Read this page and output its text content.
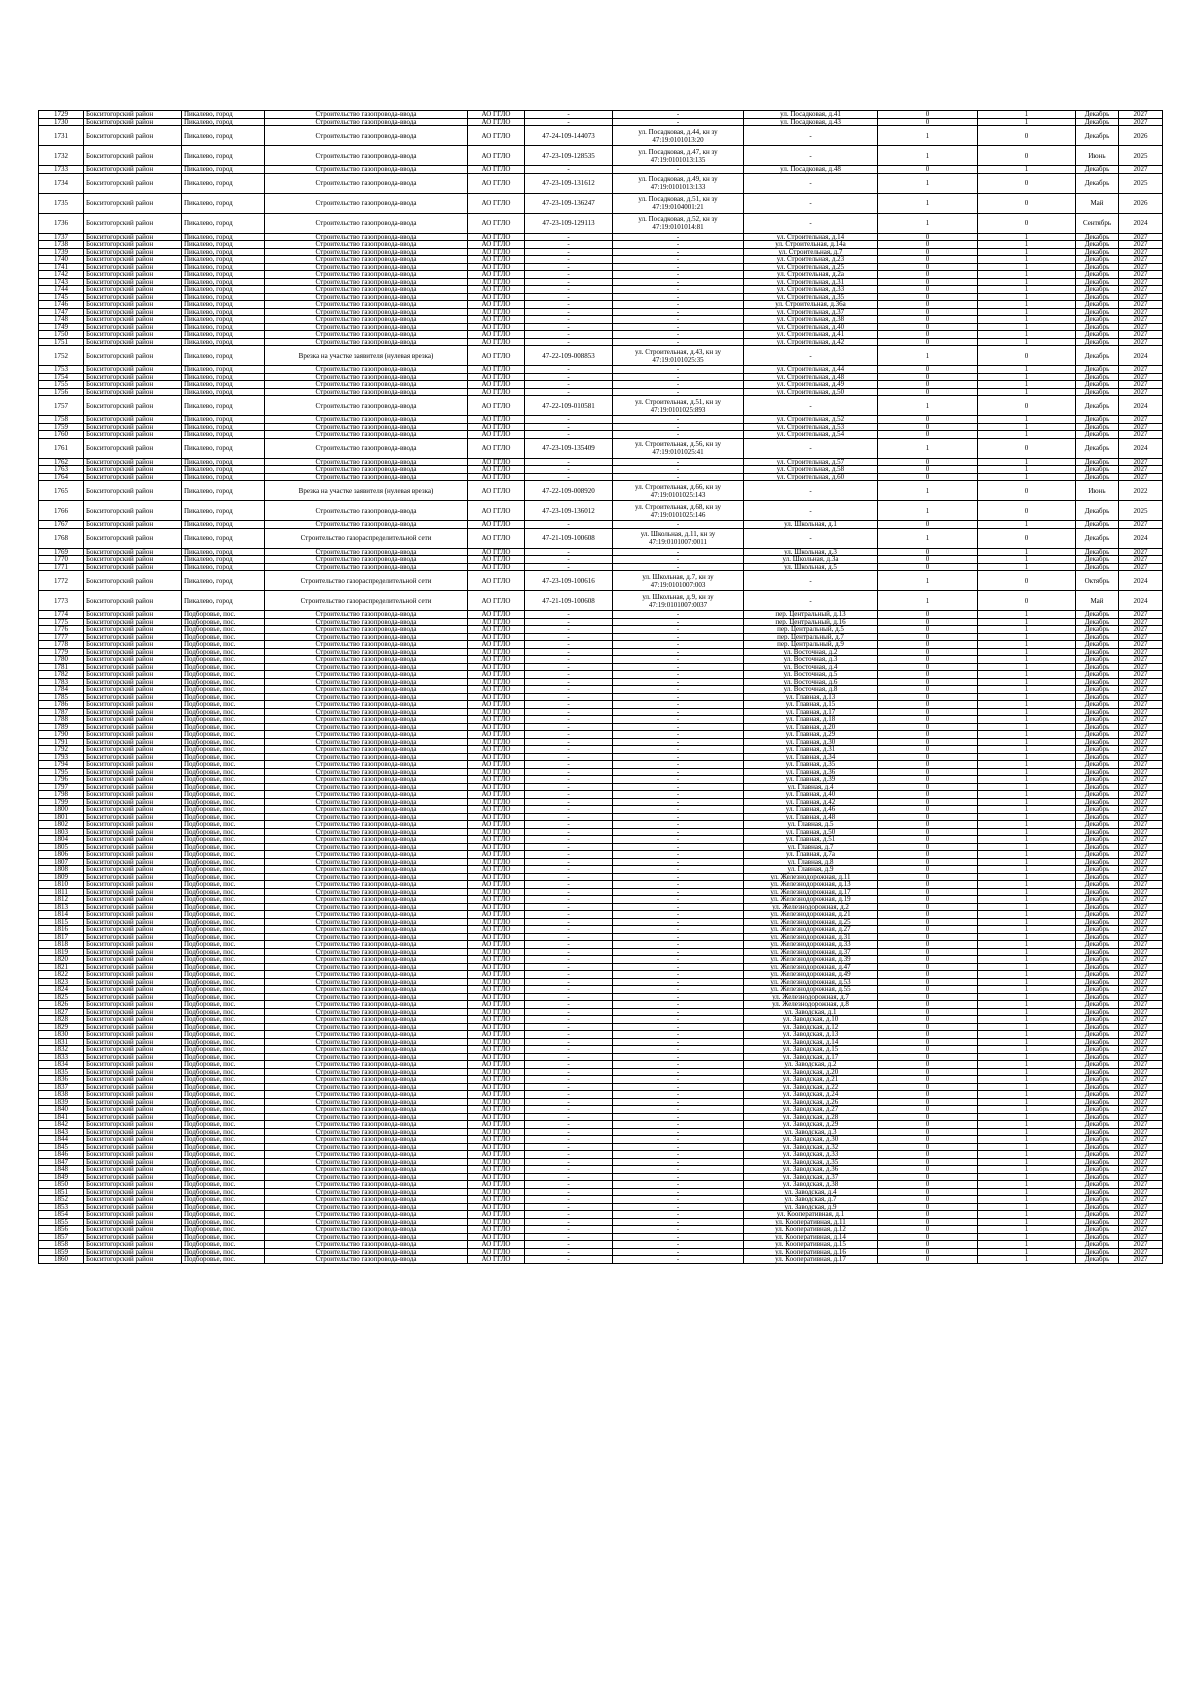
1729	Бокситогорский район	Пикалево, город	Строительство газопровода-ввода	АО ГГЛО	-	-	ул. Посадковая, д.41	0	1	Декабрь	2027
1730	Бокситогорский район	Пикалево, город	Строительство газопровода-ввода	АО ГГЛО	-	-	ул. Посадковая, д.43	0	1	Декабрь	2027
1731	Бокситогорский район	Пикалево, город	Строительство газопровода-ввода	АО ГГЛО	47-24-109-144073	ул. Посадковая, д.44, кн зу 47:19:0101013:20	-	1	0	Декабрь	2026
1732	Бокситогорский район	Пикалево, город	Строительство газопровода-ввода	АО ГГЛО	47-23-109-128535	ул. Посадковая, д.47, кн зу 47:19:0101013:135	-	1	0	Июнь	2025
1733	Бокситогорский район	Пикалево, город	Строительство газопровода-ввода	АО ГГЛО	-	-	ул. Посадковая, д.48	0	1	Декабрь	2027
1734	Бокситогорский район	Пикалево, город	Строительство газопровода-ввода	АО ГГЛО	47-23-109-131612	ул. Посадковая, д.49, кн зу 47:19:0101013:133	-	1	0	Декабрь	2025
1735	Бокситогорский район	Пикалево, город	Строительство газопровода-ввода	АО ГГЛО	47-23-109-136247	ул. Посадковая, д.51, кн зу 47:19:0104001:21	-	1	0	Май	2026
1736	Бокситогорский район	Пикалево, город	Строительство газопровода-ввода	АО ГГЛО	47-23-109-129113	ул. Посадковая, д.52, кн зу 47:19:0101014:81	-	1	0	Сентябрь	2024
1737	Бокситогорский район	Пикалево, город	Строительство газопровода-ввода	АО ГГЛО	-	-	ул. Строительная, д.14	0	1	Декабрь	2027
1738	Бокситогорский район	Пикалево, город	Строительство газопровода-ввода	АО ГГЛО	-	-	ул. Строительная, д.14а	0	1	Декабрь	2027
1739	Бокситогорский район	Пикалево, город	Строительство газопровода-ввода	АО ГГЛО	-	-	ул. Строительная, д.7	0	1	Декабрь	2027
1740	Бокситогорский район	Пикалево, город	Строительство газопровода-ввода	АО ГГЛО	-	-	ул. Строительная, д.23	0	1	Декабрь	2027
1741	Бокситогорский район	Пикалево, город	Строительство газопровода-ввода	АО ГГЛО	-	-	ул. Строительная, д.25	0	1	Декабрь	2027
1742	Бокситогорский район	Пикалево, город	Строительство газопровода-ввода	АО ГГЛО	-	-	ул. Строительная, д.2а	0	1	Декабрь	2027
1743	Бокситогорский район	Пикалево, город	Строительство газопровода-ввода	АО ГГЛО	-	-	ул. Строительная, д.31	0	1	Декабрь	2027
1744	Бокситогорский район	Пикалево, город	Строительство газопровода-ввода	АО ГГЛО	-	-	ул. Строительная, д.33	0	1	Декабрь	2027
1745	Бокситогорский район	Пикалево, город	Строительство газопровода-ввода	АО ГГЛО	-	-	ул. Строительная, д.35	0	1	Декабрь	2027
1746	Бокситогорский район	Пикалево, город	Строительство газопровода-ввода	АО ГГЛО	-	-	ул. Строительная, д.36а	0	1	Декабрь	2027
1747	Бокситогорский район	Пикалево, город	Строительство газопровода-ввода	АО ГГЛО	-	-	ул. Строительная, д.37	0	1	Декабрь	2027
1748	Бокситогорский район	Пикалево, город	Строительство газопровода-ввода	АО ГГЛО	-	-	ул. Строительная, д.38	0	1	Декабрь	2027
1749	Бокситогорский район	Пикалево, город	Строительство газопровода-ввода	АО ГГЛО	-	-	ул. Строительная, д.40	0	1	Декабрь	2027
1750	Бокситогорский район	Пикалево, город	Строительство газопровода-ввода	АО ГГЛО	-	-	ул. Строительная, д.41	0	1	Декабрь	2027
1751	Бокситогорский район	Пикалево, город	Строительство газопровода-ввода	АО ГГЛО	-	-	ул. Строительная, д.42	0	1	Декабрь	2027
1752	Бокситогорский район	Пикалево, город	Врезка на участке заявителя (нулевая врезка)	АО ГГЛО	47-22-109-008853	ул. Строительная, д.43, кн зу 47:19:0101025:35	-	1	0	Декабрь	2024
1753	Бокситогорский район	Пикалево, город	Строительство газопровода-ввода	АО ГГЛО	-	-	ул. Строительная, д.44	0	1	Декабрь	2027
1754	Бокситогорский район	Пикалево, город	Строительство газопровода-ввода	АО ГГЛО	-	-	ул. Строительная, д.48	0	1	Декабрь	2027
1755	Бокситогорский район	Пикалево, город	Строительство газопровода-ввода	АО ГГЛО	-	-	ул. Строительная, д.49	0	1	Декабрь	2027
1756	Бокситогорский район	Пикалево, город	Строительство газопровода-ввода	АО ГГЛО	-	-	ул. Строительная, д.50	0	1	Декабрь	2027
1757	Бокситогорский район	Пикалево, город	Строительство газопровода-ввода	АО ГГЛО	47-22-109-010581	ул. Строительная, д.51, кн зу 47:19:0101025:893	-	1	0	Декабрь	2024
1758	Бокситогорский район	Пикалево, город	Строительство газопровода-ввода	АО ГГЛО	-	-	ул. Строительная, д.52	0	1	Декабрь	2027
1759	Бокситогорский район	Пикалево, город	Строительство газопровода-ввода	АО ГГЛО	-	-	ул. Строительная, д.53	0	1	Декабрь	2027
1760	Бокситогорский район	Пикалево, город	Строительство газопровода-ввода	АО ГГЛО	-	-	ул. Строительная, д.54	0	1	Декабрь	2027
1761	Бокситогорский район	Пикалево, город	Строительство газопровода-ввода	АО ГГЛО	47-23-109-135409	ул. Строительная, д.56, кн зу 47:19:0101025:41	-	1	0	Декабрь	2024
1762	Бокситогорский район	Пикалево, город	Строительство газопровода-ввода	АО ГГЛО	-	-	ул. Строительная, д.57	0	1	Декабрь	2027
1763	Бокситогорский район	Пикалево, город	Строительство газопровода-ввода	АО ГГЛО	-	-	ул. Строительная, д.58	0	1	Декабрь	2027
1764	Бокситогорский район	Пикалево, город	Строительство газопровода-ввода	АО ГГЛО	-	-	ул. Строительная, д.60	0	1	Декабрь	2027
1765	Бокситогорский район	Пикалево, город	Врезка на участке заявителя (нулевая врезка)	АО ГГЛО	47-22-109-008920	ул. Строительная, д.66, кн зу 47:19:0101025:143	-	1	0	Июнь	2022
1766	Бокситогорский район	Пикалево, город	Строительство газопровода-ввода	АО ГГЛО	47-23-109-136012	ул. Строительная, д.68, кн зу 47:19:0101025:146	-	1	0	Декабрь	2025
1767	Бокситогорский район	Пикалево, город	Строительство газопровода-ввода	АО ГГЛО	-	-	ул. Школьная, д.1	0	1	Декабрь	2027
1768	Бокситогорский район	Пикалево, город	Строительство газораспределительной сети	АО ГГЛО	47-21-109-100608	ул. Школьная, д.11, кн зу 47:19:0101007:0011	-	1	0	Декабрь	2024
1769	Бокситогорский район	Пикалево, город	Строительство газопровода-ввода	АО ГГЛО	-	-	ул. Школьная, д.3	0	1	Декабрь	2027
1770	Бокситогорский район	Пикалево, город	Строительство газопровода-ввода	АО ГГЛО	-	-	ул. Школьная, д.3а	0	1	Декабрь	2027
1771	Бокситогорский район	Пикалево, город	Строительство газопровода-ввода	АО ГГЛО	-	-	ул. Школьная, д.5	0	1	Декабрь	2027
1772	Бокситогорский район	Пикалево, город	Строительство газораспределительной сети	АО ГГЛО	47-23-109-100616	ул. Школьная, д.7, кн зу 47:19:0101007:003	-	1	0	Октябрь	2024
1773	Бокситогорский район	Пикалево, город	Строительство газораспределительной сети	АО ГГЛО	47-21-109-100608	ул. Школьная, д.9, кн зу 47:19:0101007:0037	-	1	0	Май	2024
1774	Бокситогорский район	Подборовье, пос.	Строительство газопровода-ввода	АО ГГЛО	-	-	пер. Центральный, д.13	0	1	Декабрь	2027
1775	Бокситогорский район	Подборовье, пос.	Строительство газопровода-ввода	АО ГГЛО	-	-	пер. Центральный, д.16	0	1	Декабрь	2027
1776	Бокситогорский район	Подборовье, пос.	Строительство газопровода-ввода	АО ГГЛО	-	-	пер. Центральный, д.5	0	1	Декабрь	2027
1777	Бокситогорский район	Подборовье, пос.	Строительство газопровода-ввода	АО ГГЛО	-	-	пер. Центральный, д.7	0	1	Декабрь	2027
1778	Бокситогорский район	Подборовье, пос.	Строительство газопровода-ввода	АО ГГЛО	-	-	пер. Центральный, д.9	0	1	Декабрь	2027
1779	Бокситогорский район	Подборовье, пос.	Строительство газопровода-ввода	АО ГГЛО	-	-	ул. Восточная, д.2	0	1	Декабрь	2027
1780	Бокситогорский район	Подборовье, пос.	Строительство газопровода-ввода	АО ГГЛО	-	-	ул. Восточная, д.3	0	1	Декабрь	2027
1781	Бокситогорский район	Подборовье, пос.	Строительство газопровода-ввода	АО ГГЛО	-	-	ул. Восточная, д.4	0	1	Декабрь	2027
1782	Бокситогорский район	Подборовье, пос.	Строительство газопровода-ввода	АО ГГЛО	-	-	ул. Восточная, д.5	0	1	Декабрь	2027
1783	Бокситогорский район	Подборовье, пос.	Строительство газопровода-ввода	АО ГГЛО	-	-	ул. Восточная, д.6	0	1	Декабрь	2027
1784	Бокситогорский район	Подборовье, пос.	Строительство газопровода-ввода	АО ГГЛО	-	-	ул. Восточная, д.8	0	1	Декабрь	2027
1785	Бокситогорский район	Подборовье, пос.	Строительство газопровода-ввода	АО ГГЛО	-	-	ул. Главная, д.13	0	1	Декабрь	2027
1786	Бокситогорский район	Подборовье, пос.	Строительство газопровода-ввода	АО ГГЛО	-	-	ул. Главная, д.15	0	1	Декабрь	2027
1787	Бокситогорский район	Подборовье, пос.	Строительство газопровода-ввода	АО ГГЛО	-	-	ул. Главная, д.17	0	1	Декабрь	2027
1788	Бокситогорский район	Подборовье, пос.	Строительство газопровода-ввода	АО ГГЛО	-	-	ул. Главная, д.18	0	1	Декабрь	2027
1789	Бокситогорский район	Подборовье, пос.	Строительство газопровода-ввода	АО ГГЛО	-	-	ул. Главная, д.20	0	1	Декабрь	2027
1790	Бокситогорский район	Подборовье, пос.	Строительство газопровода-ввода	АО ГГЛО	-	-	ул. Главная, д.29	0	1	Декабрь	2027
1791	Бокситогорский район	Подборовье, пос.	Строительство газопровода-ввода	АО ГГЛО	-	-	ул. Главная, д.30	0	1	Декабрь	2027
1792	Бокситогорский район	Подборовье, пос.	Строительство газопровода-ввода	АО ГГЛО	-	-	ул. Главная, д.31	0	1	Декабрь	2027
1793	Бокситогорский район	Подборовье, пос.	Строительство газопровода-ввода	АО ГГЛО	-	-	ул. Главная, д.34	0	1	Декабрь	2027
1794	Бокситогорский район	Подборовье, пос.	Строительство газопровода-ввода	АО ГГЛО	-	-	ул. Главная, д.35	0	1	Декабрь	2027
1795	Бокситогорский район	Подборовье, пос.	Строительство газопровода-ввода	АО ГГЛО	-	-	ул. Главная, д.36	0	1	Декабрь	2027
1796	Бокситогорский район	Подборовье, пос.	Строительство газопровода-ввода	АО ГГЛО	-	-	ул. Главная, д.39	0	1	Декабрь	2027
1797	Бокситогорский район	Подборовье, пос.	Строительство газопровода-ввода	АО ГГЛО	-	-	ул. Главная, д.4	0	1	Декабрь	2027
1798	Бокситогорский район	Подборовье, пос.	Строительство газопровода-ввода	АО ГГЛО	-	-	ул. Главная, д.40	0	1	Декабрь	2027
1799	Бокситогорский район	Подборовье, пос.	Строительство газопровода-ввода	АО ГГЛО	-	-	ул. Главная, д.42	0	1	Декабрь	2027
1800	Бокситогорский район	Подборовье, пос.	Строительство газопровода-ввода	АО ГГЛО	-	-	ул. Главная, д.46	0	1	Декабрь	2027
1801	Бокситогорский район	Подборовье, пос.	Строительство газопровода-ввода	АО ГГЛО	-	-	ул. Главная, д.48	0	1	Декабрь	2027
1802	Бокситогорский район	Подборовье, пос.	Строительство газопровода-ввода	АО ГГЛО	-	-	ул. Главная, д.5	0	1	Декабрь	2027
1803	Бокситогорский район	Подборовье, пос.	Строительство газопровода-ввода	АО ГГЛО	-	-	ул. Главная, д.50	0	1	Декабрь	2027
1804	Бокситогорский район	Подборовье, пос.	Строительство газопровода-ввода	АО ГГЛО	-	-	ул. Главная, д.51	0	1	Декабрь	2027
1805	Бокситогорский район	Подборовье, пос.	Строительство газопровода-ввода	АО ГГЛО	-	-	ул. Главная, д.7	0	1	Декабрь	2027
1806	Бокситогорский район	Подборовье, пос.	Строительство газопровода-ввода	АО ГГЛО	-	-	ул. Главная, д.7а	0	1	Декабрь	2027
1807	Бокситогорский район	Подборовье, пос.	Строительство газопровода-ввода	АО ГГЛО	-	-	ул. Главная, д.8	0	1	Декабрь	2027
1808	Бокситогорский район	Подборовье, пос.	Строительство газопровода-ввода	АО ГГЛО	-	-	ул. Главная, д.9	0	1	Декабрь	2027
1809	Бокситогорский район	Подборовье, пос.	Строительство газопровода-ввода	АО ГГЛО	-	-	ул. Железнодорожная, д.11	0	1	Декабрь	2027
1810	Бокситогорский район	Подборовье, пос.	Строительство газопровода-ввода	АО ГГЛО	-	-	ул. Железнодорожная, д.13	0	1	Декабрь	2027
1811	Бокситогорский район	Подборовье, пос.	Строительство газопровода-ввода	АО ГГЛО	-	-	ул. Железнодорожная, д.17	0	1	Декабрь	2027
1812	Бокситогорский район	Подборовье, пос.	Строительство газопровода-ввода	АО ГГЛО	-	-	ул. Железнодорожная, д.19	0	1	Декабрь	2027
1813	Бокситогорский район	Подборовье, пос.	Строительство газопровода-ввода	АО ГГЛО	-	-	ул. Железнодорожная, д.2	0	1	Декабрь	2027
1814	Бокситогорский район	Подборовье, пос.	Строительство газопровода-ввода	АО ГГЛО	-	-	ул. Железнодорожная, д.21	0	1	Декабрь	2027
1815	Бокситогорский район	Подборовье, пос.	Строительство газопровода-ввода	АО ГГЛО	-	-	ул. Железнодорожная, д.25	0	1	Декабрь	2027
1816	Бокситогорский район	Подборовье, пос.	Строительство газопровода-ввода	АО ГГЛО	-	-	ул. Железнодорожная, д.27	0	1	Декабрь	2027
1817	Бокситогорский район	Подборовье, пос.	Строительство газопровода-ввода	АО ГГЛО	-	-	ул. Железнодорожная, д.31	0	1	Декабрь	2027
1818	Бокситогорский район	Подборовье, пос.	Строительство газопровода-ввода	АО ГГЛО	-	-	ул. Железнодорожная, д.33	0	1	Декабрь	2027
1819	Бокситогорский район	Подборовье, пос.	Строительство газопровода-ввода	АО ГГЛО	-	-	ул. Железнодорожная, д.37	0	1	Декабрь	2027
1820	Бокситогорский район	Подборовье, пос.	Строительство газопровода-ввода	АО ГГЛО	-	-	ул. Железнодорожная, д.39	0	1	Декабрь	2027
1821	Бокситогорский район	Подборовье, пос.	Строительство газопровода-ввода	АО ГГЛО	-	-	ул. Железнодорожная, д.47	0	1	Декабрь	2027
1822	Бокситогорский район	Подборовье, пос.	Строительство газопровода-ввода	АО ГГЛО	-	-	ул. Железнодорожная, д.49	0	1	Декабрь	2027
1823	Бокситогорский район	Подборовье, пос.	Строительство газопровода-ввода	АО ГГЛО	-	-	ул. Железнодорожная, д.53	0	1	Декабрь	2027
1824	Бокситогорский район	Подборовье, пос.	Строительство газопровода-ввода	АО ГГЛО	-	-	ул. Железнодорожная, д.55	0	1	Декабрь	2027
1825	Бокситогорский район	Подборовье, пос.	Строительство газопровода-ввода	АО ГГЛО	-	-	ул. Железнодорожная, д.7	0	1	Декабрь	2027
1826	Бокситогорский район	Подборовье, пос.	Строительство газопровода-ввода	АО ГГЛО	-	-	ул. Железнодорожная, д.8	0	1	Декабрь	2027
1827	Бокситогорский район	Подборовье, пос.	Строительство газопровода-ввода	АО ГГЛО	-	-	ул. Заводская, д.1	0	1	Декабрь	2027
1828	Бокситогорский район	Подборовье, пос.	Строительство газопровода-ввода	АО ГГЛО	-	-	ул. Заводская, д.10	0	1	Декабрь	2027
1829	Бокситогорский район	Подборовье, пос.	Строительство газопровода-ввода	АО ГГЛО	-	-	ул. Заводская, д.12	0	1	Декабрь	2027
1830	Бокситогорский район	Подборовье, пос.	Строительство газопровода-ввода	АО ГГЛО	-	-	ул. Заводская, д.13	0	1	Декабрь	2027
1831	Бокситогорский район	Подборовье, пос.	Строительство газопровода-ввода	АО ГГЛО	-	-	ул. Заводская, д.14	0	1	Декабрь	2027
1832	Бокситогорский район	Подборовье, пос.	Строительство газопровода-ввода	АО ГГЛО	-	-	ул. Заводская, д.15	0	1	Декабрь	2027
1833	Бокситогорский район	Подборовье, пос.	Строительство газопровода-ввода	АО ГГЛО	-	-	ул. Заводская, д.17	0	1	Декабрь	2027
1834	Бокситогорский район	Подборовье, пос.	Строительство газопровода-ввода	АО ГГЛО	-	-	ул. Заводская, д.2	0	1	Декабрь	2027
1835	Бокситогорский район	Подборовье, пос.	Строительство газопровода-ввода	АО ГГЛО	-	-	ул. Заводская, д.20	0	1	Декабрь	2027
1836	Бокситогорский район	Подборовье, пос.	Строительство газопровода-ввода	АО ГГЛО	-	-	ул. Заводская, д.21	0	1	Декабрь	2027
1837	Бокситогорский район	Подборовье, пос.	Строительство газопровода-ввода	АО ГГЛО	-	-	ул. Заводская, д.22	0	1	Декабрь	2027
1838	Бокситогорский район	Подборовье, пос.	Строительство газопровода-ввода	АО ГГЛО	-	-	ул. Заводская, д.24	0	1	Декабрь	2027
1839	Бокситогорский район	Подборовье, пос.	Строительство газопровода-ввода	АО ГГЛО	-	-	ул. Заводская, д.26	0	1	Декабрь	2027
1840	Бокситогорский район	Подборовье, пос.	Строительство газопровода-ввода	АО ГГЛО	-	-	ул. Заводская, д.27	0	1	Декабрь	2027
1841	Бокситогорский район	Подборовье, пос.	Строительство газопровода-ввода	АО ГГЛО	-	-	ул. Заводская, д.28	0	1	Декабрь	2027
1842	Бокситогорский район	Подборовье, пос.	Строительство газопровода-ввода	АО ГГЛО	-	-	ул. Заводская, д.29	0	1	Декабрь	2027
1843	Бокситогорский район	Подборовье, пос.	Строительство газопровода-ввода	АО ГГЛО	-	-	ул. Заводская, д.3	0	1	Декабрь	2027
1844	Бокситогорский район	Подборовье, пос.	Строительство газопровода-ввода	АО ГГЛО	-	-	ул. Заводская, д.30	0	1	Декабрь	2027
1845	Бокситогорский район	Подборовье, пос.	Строительство газопровода-ввода	АО ГГЛО	-	-	ул. Заводская, д.32	0	1	Декабрь	2027
1846	Бокситогорский район	Подборовье, пос.	Строительство газопровода-ввода	АО ГГЛО	-	-	ул. Заводская, д.33	0	1	Декабрь	2027
1847	Бокситогорский район	Подборовье, пос.	Строительство газопровода-ввода	АО ГГЛО	-	-	ул. Заводская, д.35	0	1	Декабрь	2027
1848	Бокситогорский район	Подборовье, пос.	Строительство газопровода-ввода	АО ГГЛО	-	-	ул. Заводская, д.36	0	1	Декабрь	2027
1849	Бокситогорский район	Подборовье, пос.	Строительство газопровода-ввода	АО ГГЛО	-	-	ул. Заводская, д.37	0	1	Декабрь	2027
1850	Бокситогорский район	Подборовье, пос.	Строительство газопровода-ввода	АО ГГЛО	-	-	ул. Заводская, д.38	0	1	Декабрь	2027
1851	Бокситогорский район	Подборовье, пос.	Строительство газопровода-ввода	АО ГГЛО	-	-	ул. Заводская, д.4	0	1	Декабрь	2027
1852	Бокситогорский район	Подборовье, пос.	Строительство газопровода-ввода	АО ГГЛО	-	-	ул. Заводская, д.7	0	1	Декабрь	2027
1853	Бокситогорский район	Подборовье, пос.	Строительство газопровода-ввода	АО ГГЛО	-	-	ул. Заводская, д.9	0	1	Декабрь	2027
1854	Бокситогорский район	Подборовье, пос.	Строительство газопровода-ввода	АО ГГЛО	-	-	ул. Кооперативная, д.1	0	1	Декабрь	2027
1855	Бокситогорский район	Подборовье, пос.	Строительство газопровода-ввода	АО ГГЛО	-	-	ул. Кооперативная, д.11	0	1	Декабрь	2027
1856	Бокситогорский район	Подборовье, пос.	Строительство газопровода-ввода	АО ГГЛО	-	-	ул. Кооперативная, д.12	0	1	Декабрь	2027
1857	Бокситогорский район	Подборовье, пос.	Строительство газопровода-ввода	АО ГГЛО	-	-	ул. Кооперативная, д.14	0	1	Декабрь	2027
1858	Бокситогорский район	Подборовье, пос.	Строительство газопровода-ввода	АО ГГЛО	-	-	ул. Кооперативная, д.15	0	1	Декабрь	2027
1859	Бокситогорский район	Подборовье, пос.	Строительство газопровода-ввода	АО ГГЛО	-	-	ул. Кооперативная, д.16	0	1	Декабрь	2027
1860	Бокситогорский район	Подборовье, пос.	Строительство газопровода-ввода	АО ГГЛО	-	-	ул. Кооперативная, д.17	0	1	Декабрь	2027
